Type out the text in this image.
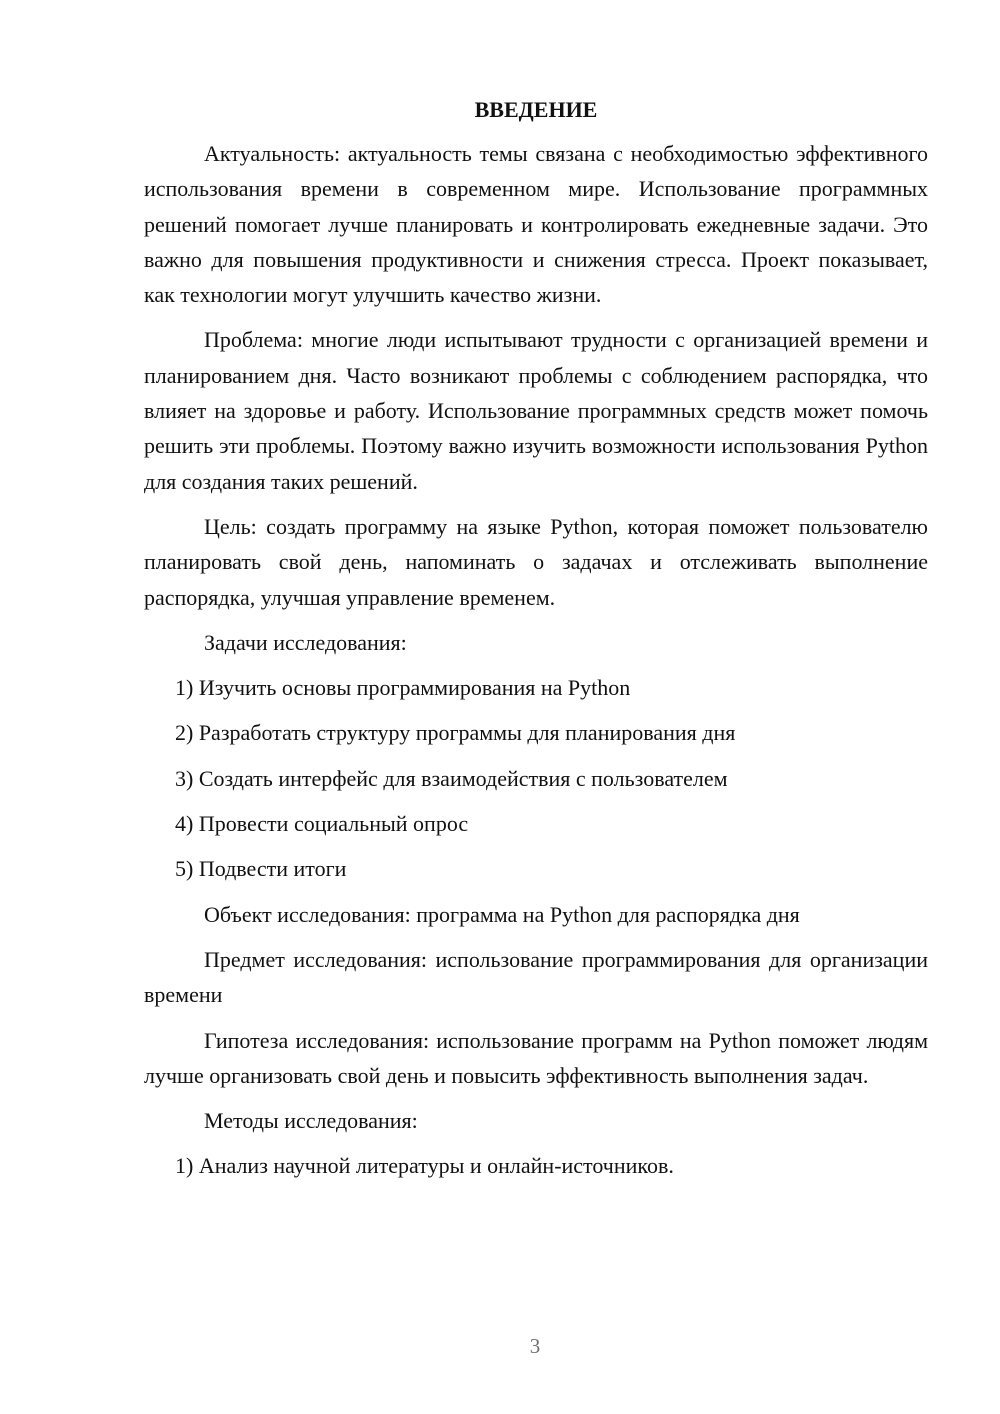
ВВЕДЕНИЕ

Актуальность: актуальность темы связана с необходимостью эффективного использования времени в современном мире. Использование программных решений помогает лучше планировать и контролировать ежедневные задачи. Это важно для повышения продуктивности и снижения стресса. Проект показывает, как технологии могут улучшить качество жизни.

Проблема: многие люди испытывают трудности с организацией времени и планированием дня. Часто возникают проблемы с соблюдением распорядка, что влияет на здоровье и работу. Использование программных средств может помочь решить эти проблемы. Поэтому важно изучить возможности использования Python для создания таких решений.

Цель: создать программу на языке Python, которая поможет пользователю планировать свой день, напоминать о задачах и отслеживать выполнение распорядка, улучшая управление временем.

Задачи исследования:

1) Изучить основы программирования на Python

2) Разработать структуру программы для планирования дня

3) Создать интерфейс для взаимодействия с пользователем

4) Провести социальный опрос

5) Подвести итоги

Объект исследования: программа на Python для распорядка дня

Предмет исследования: использование программирования для организации времени

Гипотеза исследования: использование программ на Python поможет людям лучше организовать свой день и повысить эффективность выполнения задач.

Методы исследования:

1) Анализ научной литературы и онлайн-источников.

3
